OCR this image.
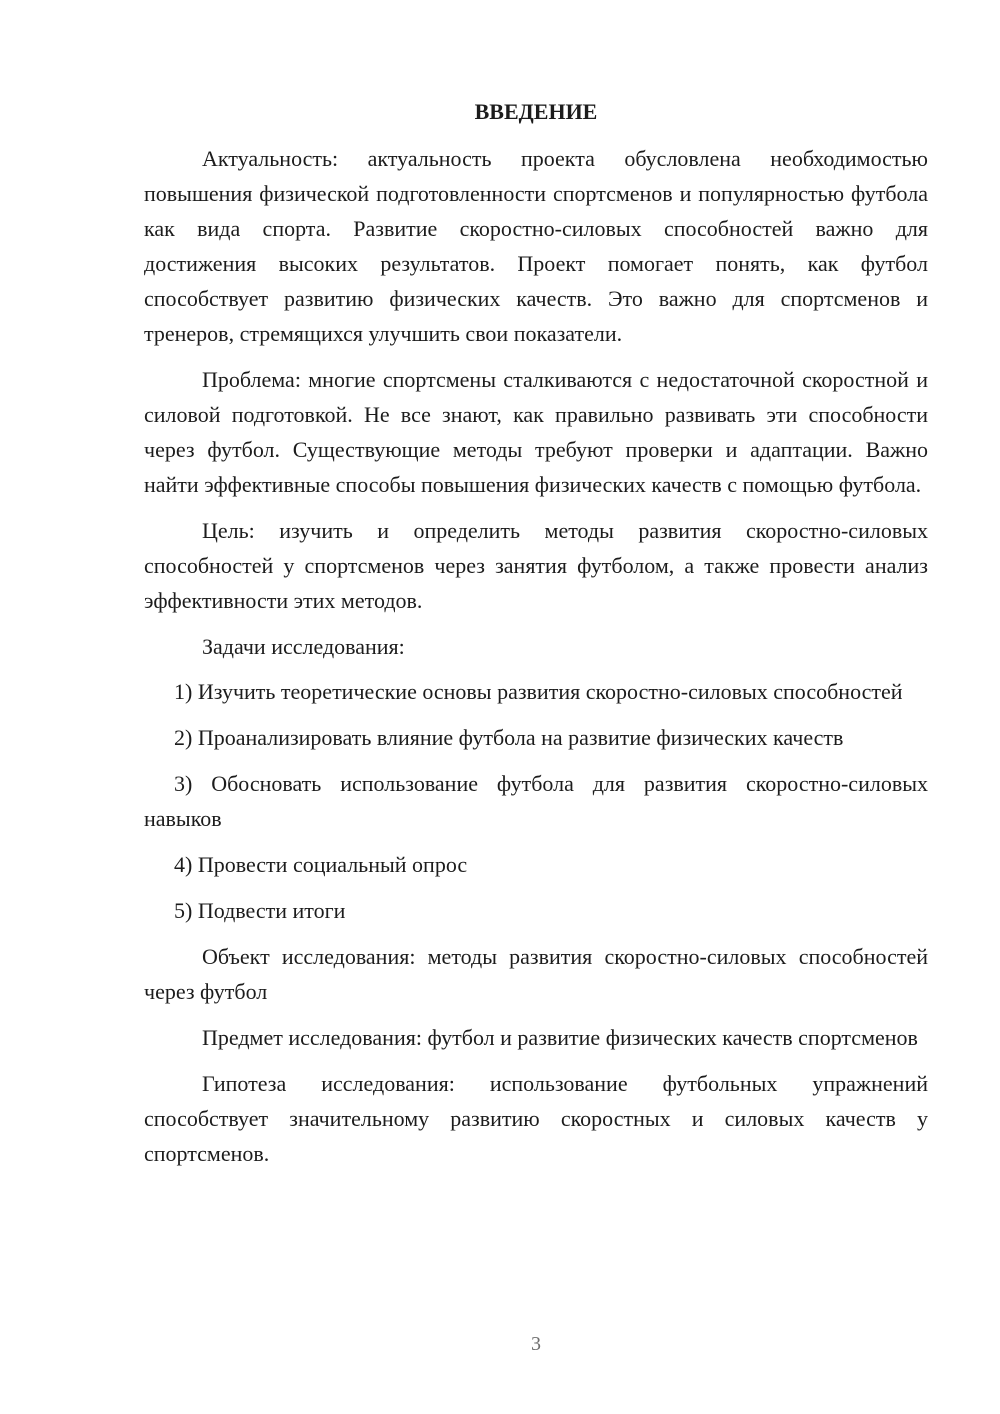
ВВЕДЕНИЕ

Актуальность: актуальность проекта обусловлена необходимостью повышения физической подготовленности спортсменов и популярностью футбола как вида спорта. Развитие скоростно-силовых способностей важно для достижения высоких результатов. Проект помогает понять, как футбол способствует развитию физических качеств. Это важно для спортсменов и тренеров, стремящихся улучшить свои показатели.

Проблема: многие спортсмены сталкиваются с недостаточной скоростной и силовой подготовкой. Не все знают, как правильно развивать эти способности через футбол. Существующие методы требуют проверки и адаптации. Важно найти эффективные способы повышения физических качеств с помощью футбола.

Цель: изучить и определить методы развития скоростно-силовых способностей у спортсменов через занятия футболом, а также провести анализ эффективности этих методов.

Задачи исследования:

1) Изучить теоретические основы развития скоростно-силовых способностей

2) Проанализировать влияние футбола на развитие физических качеств

3) Обосновать использование футбола для развития скоростно-силовых навыков

4) Провести социальный опрос

5) Подвести итоги

Объект исследования: методы развития скоростно-силовых способностей через футбол

Предмет исследования: футбол и развитие физических качеств спортсменов

Гипотеза исследования: использование футбольных упражнений способствует значительному развитию скоростных и силовых качеств у спортсменов.

3
